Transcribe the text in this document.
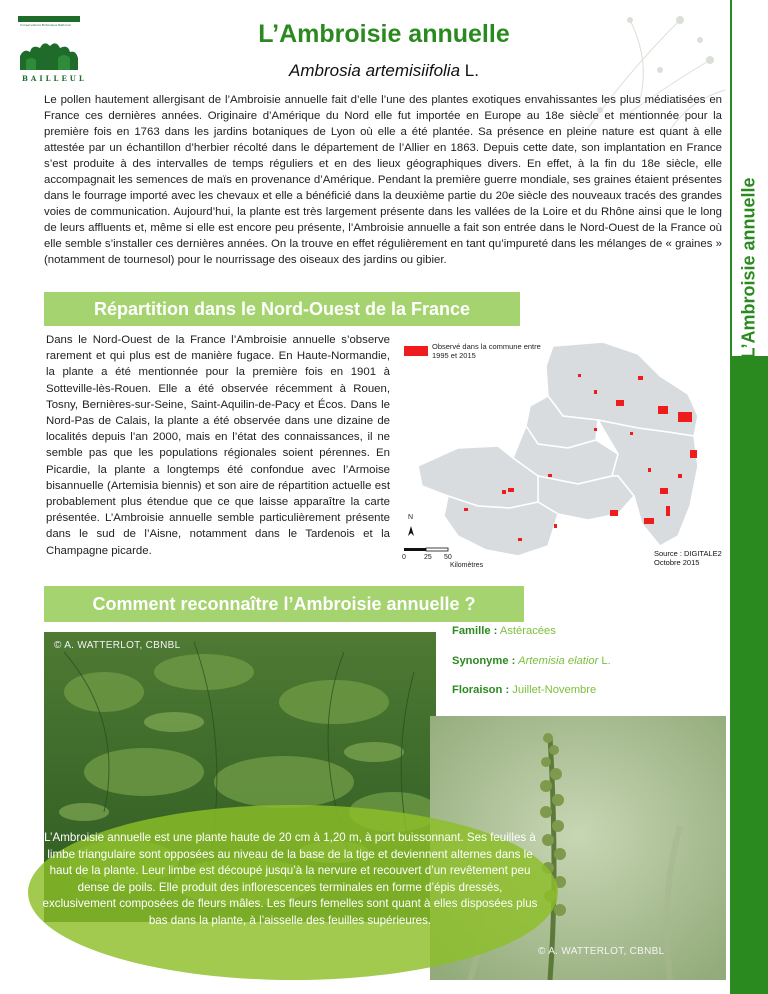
Conservatoire Botanique National
BAILLEUL
L’Ambroisie annuelle
L’Ambroisie annuelle
Ambrosia artemisiifolia L.
Le pollen hautement allergisant de l’Ambroisie annuelle fait d’elle l’une des plantes exotiques envahissantes les plus médiatisées en France ces dernières années. Originaire d’Amérique du Nord elle fut importée en Europe au 18e siècle et mentionnée pour la première fois en 1763 dans les jardins botaniques de Lyon où elle a été plantée. Sa présence en pleine nature est quant à elle attestée par un échantillon d’herbier récolté dans le département de l’Allier en 1863. Depuis cette date, son implantation en France s’est produite à des intervalles de temps réguliers et en des lieux géographiques divers. En effet, à la fin du 18e siècle, elle accompagnait les semences de maïs en provenance d’Amérique. Pendant la première guerre mondiale, ses graines étaient présentes dans le fourrage importé avec les chevaux et elle a bénéficié dans la deuxième partie du 20e siècle des nouveaux tracés des grandes voies de communication. Aujourd’hui, la plante est très largement présente dans les vallées de la Loire et du Rhône ainsi que le long de leurs affluents et, même si elle est encore peu présente, l’Ambroisie annuelle a fait son entrée dans le Nord-Ouest de la France où elle semble s’installer ces dernières années. On la trouve en effet régulièrement en tant qu’impureté dans les mélanges de « graines » (notamment de tournesol) pour le nourrissage des oiseaux des jardins ou gibier.
Répartition dans le Nord-Ouest de la France
Dans le Nord-Ouest de la France l’Ambroisie annuelle s’observe rarement et qui plus est de manière fugace. En Haute-Normandie, la plante a été mentionnée pour la première fois en 1901 à Sotteville-lès-Rouen. Elle a été observée récemment à Rouen, Tosny, Bernières-sur-Seine, Saint-Aquilin-de-Pacy et Écos. Dans le Nord-Pas de Calais, la plante a été observée dans une dizaine de localités depuis l’an 2000, mais en l’état des connaissances, il ne semble pas que les populations régionales soient pérennes. En Picardie, la plante a longtemps été confondue avec l’Armoise bisannuelle (Artemisia biennis) et son aire de répartition actuelle est probablement plus étendue que ce que laisse apparaître la carte présentée. L’Ambroisie annuelle semble particulièrement présente dans le sud de l’Aisne, notamment dans le Tardenois et la Champagne picarde.
Observé dans la commune entre 1995 et 2015
N
0	25 50
Kilomètres
Source : DIGITALE2
Octobre 2015
Comment reconnaître l’Ambroisie annuelle ?
© A. WATTERLOT, CBNBL
Famille : Astéracées
Synonyme : Artemisia elatior L.
Floraison : Juillet-Novembre
© A. WATTERLOT, CBNBL
L’Ambroisie annuelle est une plante haute de 20 cm à 1,20 m, à port buissonnant. Ses feuilles à limbe triangulaire sont opposées au niveau de la base de la tige et deviennent alternes dans le haut de la plante. Leur limbe est découpé jusqu’à la nervure et recouvert d’un revêtement peu dense de poils. Elle produit des inflorescences terminales en forme d’épis dressés, exclusivement composées de fleurs mâles. Les fleurs femelles sont quant à elles disposées plus bas dans la plante, à l’aisselle des feuilles supérieures.
